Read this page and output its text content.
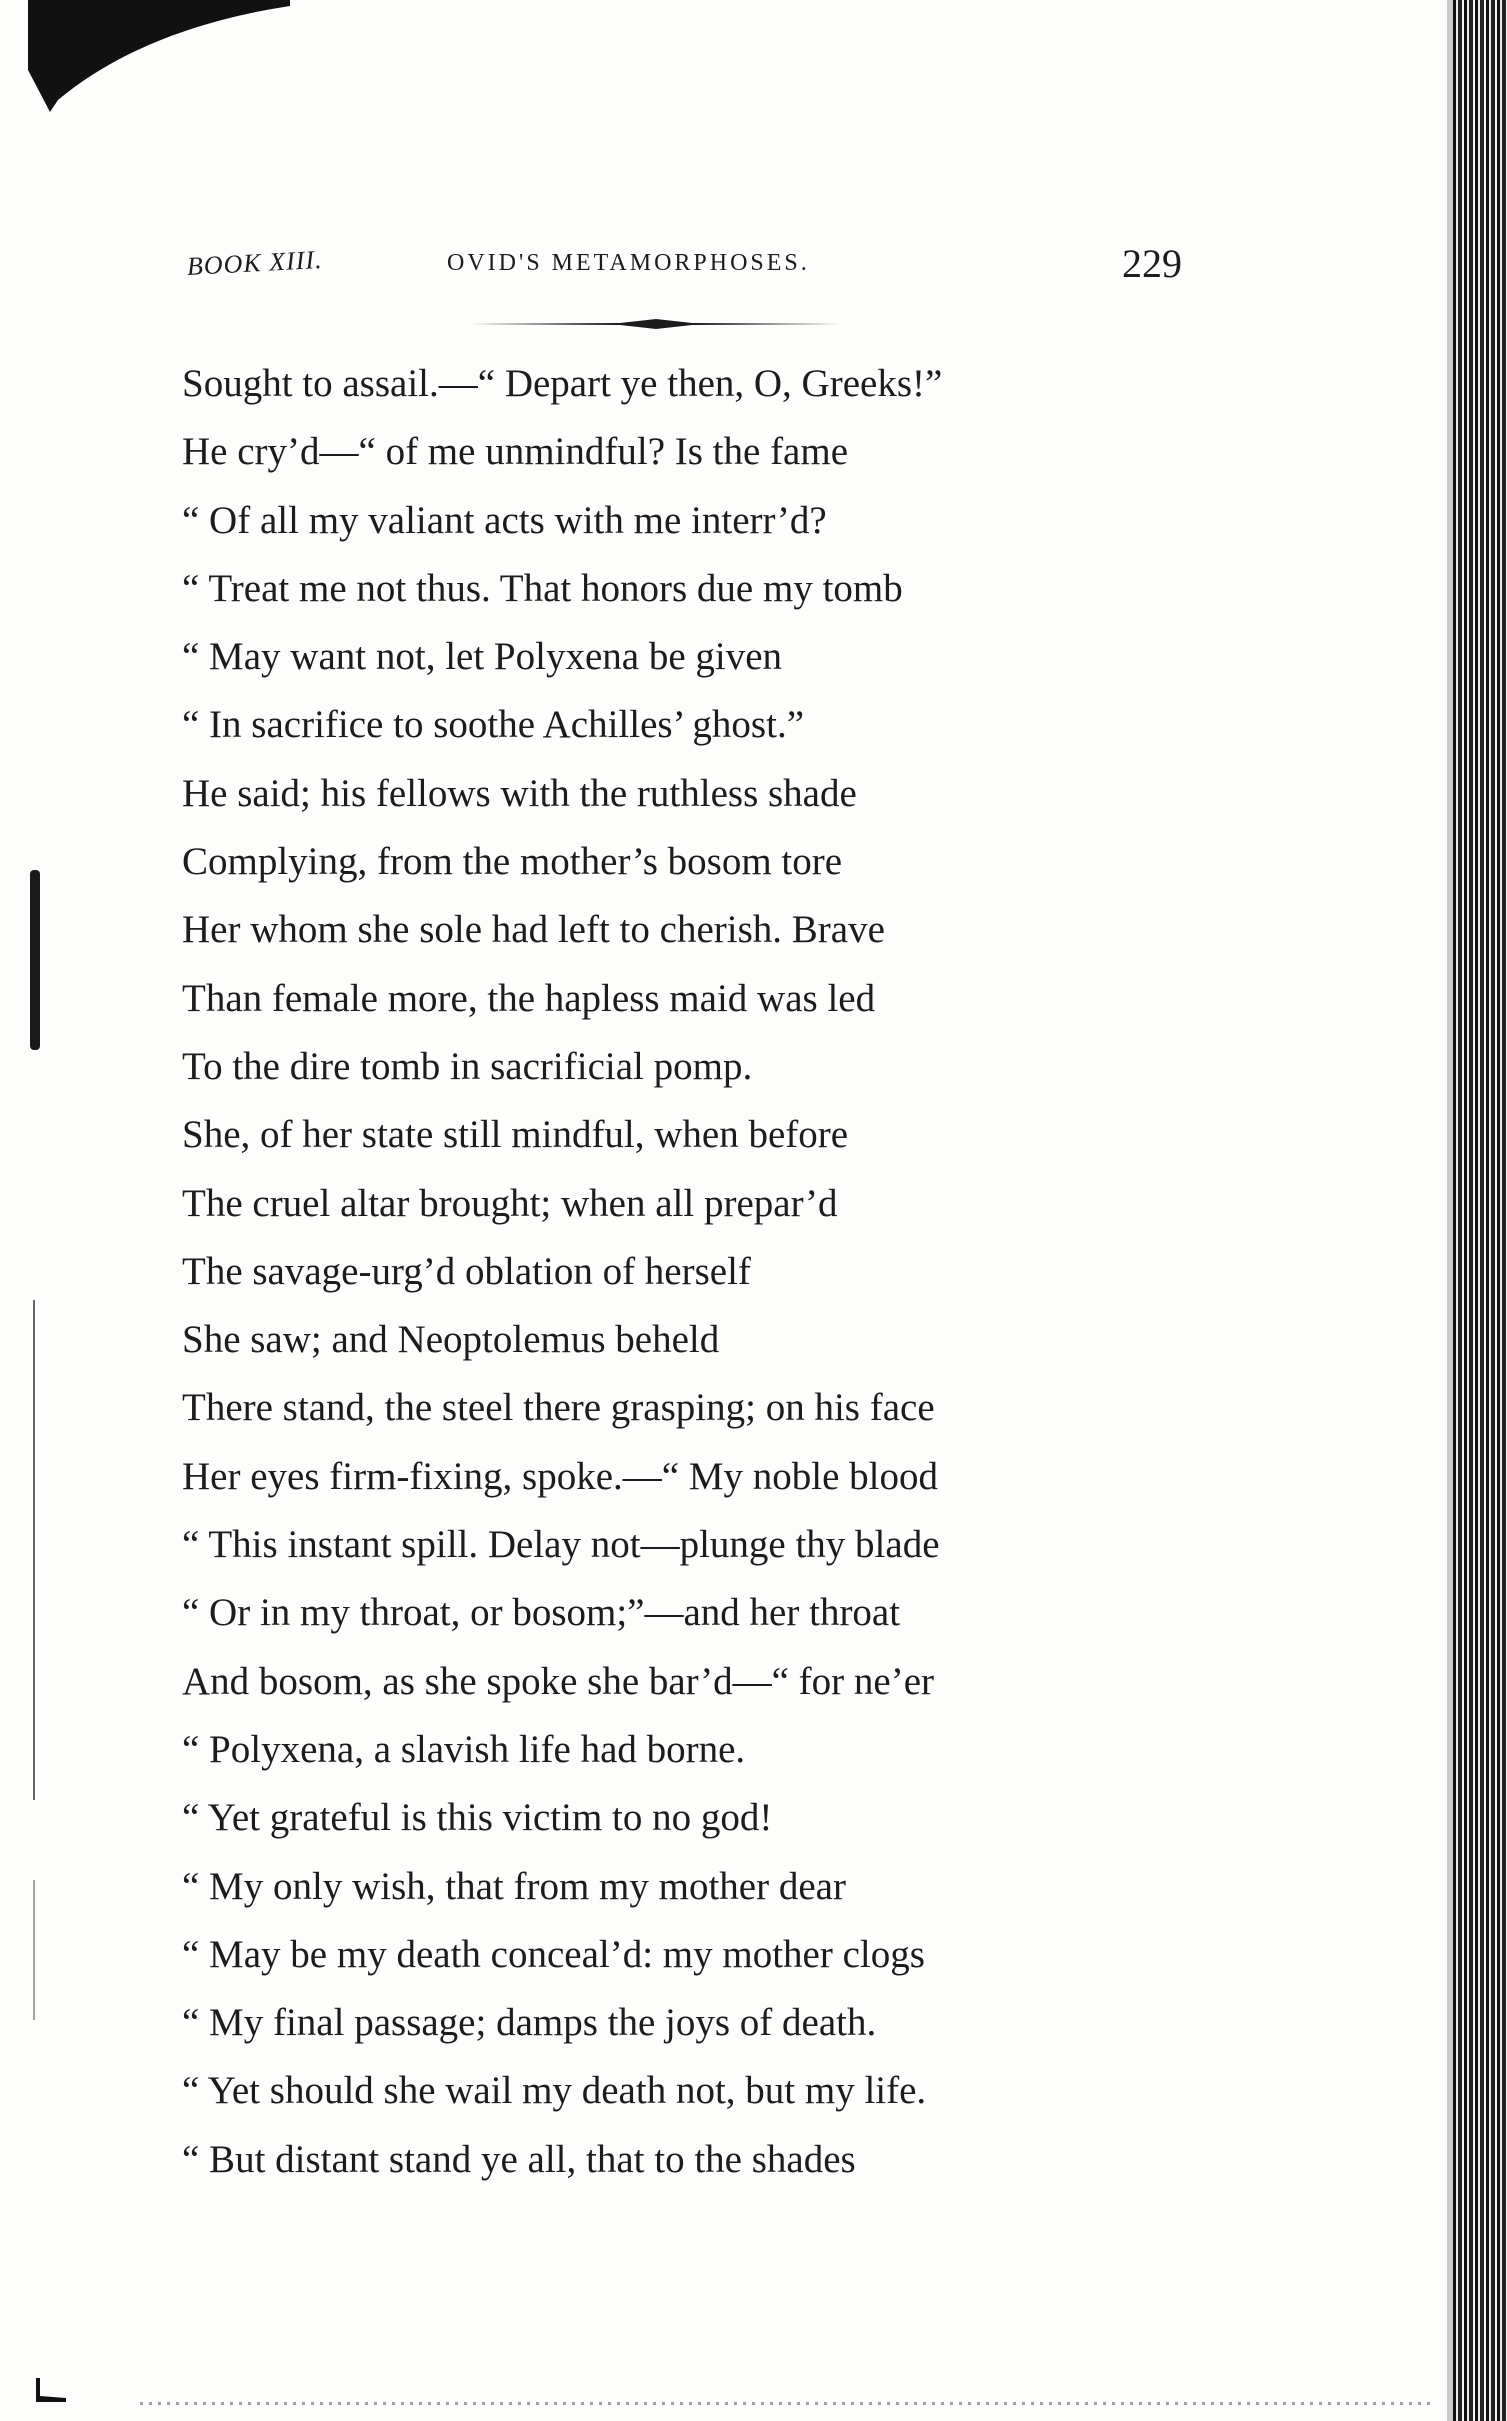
BOOK XIII.	OVID'S METAMORPHOSES.	229
Sought to assail.—“ Depart ye then, O, Greeks!”
He cry’d—“ of me unmindful? Is the fame
“ Of all my valiant acts with me interr’d?
“ Treat me not thus. That honors due my tomb
“ May want not, let Polyxena be given
“ In sacrifice to soothe Achilles’ ghost.”
He said; his fellows with the ruthless shade
Complying, from the mother’s bosom tore
Her whom she sole had left to cherish. Brave
Than female more, the hapless maid was led
To the dire tomb in sacrificial pomp.
She, of her state still mindful, when before
The cruel altar brought; when all prepar’d
The savage-urg’d oblation of herself
She saw; and Neoptolemus beheld
There stand, the steel there grasping; on his face
Her eyes firm-fixing, spoke.—“ My noble blood
“ This instant spill. Delay not—plunge thy blade
“ Or in my throat, or bosom;”—and her throat
And bosom, as she spoke she bar’d—“ for ne’er
“ Polyxena, a slavish life had borne.
“ Yet grateful is this victim to no god!
“ My only wish, that from my mother dear
“ May be my death conceal’d: my mother clogs
“ My final passage; damps the joys of death.
“ Yet should she wail my death not, but my life.
“ But distant stand ye all, that to the shades
